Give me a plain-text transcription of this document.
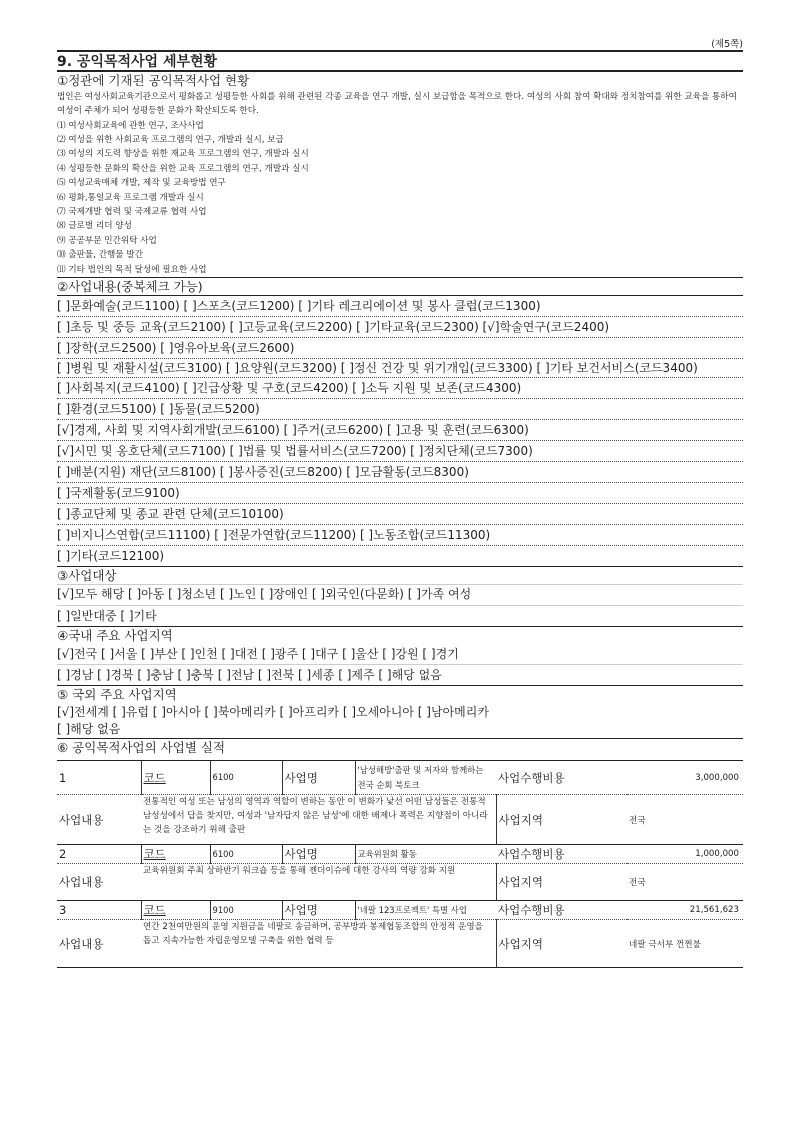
(제5쪽)
9. 공익목적사업 세부현황
①정관에 기재된 공익목적사업 현황
법인은 여성사회교육기관으로서 평화롭고 성평등한 사회를 위해 관련된 각종 교육을 연구 개발, 실시 보급함을 목적으로 한다. 여성의 사회 참여 확대와 정치참여를 위한 교육을 통하여 여성이 주체가 되어 성평등한 문화가 확산되도록 한다.
⑴ 여성사회교육에 관한 연구, 조사사업
⑵ 여성을 위한 사회교육 프로그램의 연구, 개발과 실시, 보급
⑶ 여성의 지도력 향상을 위한 재교육 프로그램의 연구, 개발과 실시
⑷ 성평등한 문화의 확산을 위한 교육 프로그램의 연구, 개발과 실시
⑸ 여성교육매체 개발, 제작 및 교육방법 연구
⑹ 평화,통일교육 프로그램 개발과 실시
⑺ 국제개발 협력 및 국제교류 협력 사업
⑻ 글로벌 리더 양성
⑼ 공공부문 민간위탁 사업
⑽ 출판물, 간행물 발간
⑾ 기타 법인의 목적 달성에 필요한 사업
②사업내용(중복체크 가능)
[ ]문화예술(코드1100) [ ]스포츠(코드1200) [ ]기타 레크리에이션 및 봉사 클럽(코드1300)
[ ]초등 및 중등 교육(코드2100) [ ]고등교육(코드2200) [ ]기타교육(코드2300) [√]학술연구(코드2400)
[ ]장학(코드2500) [ ]영유아보육(코드2600)
[ ]병원 및 재활시설(코드3100) [ ]요양원(코드3200) [ ]정신 건강 및 위기개입(코드3300) [ ]기타 보건서비스(코드3400)
[ ]사회복지(코드4100) [ ]긴급상황 및 구호(코드4200) [ ]소득 지원 및 보존(코드4300)
[ ]환경(코드5100) [ ]동물(코드5200)
[√]경제, 사회 및 지역사회개발(코드6100) [ ]주거(코드6200) [ ]고용 및 훈련(코드6300)
[√]시민 및 옹호단체(코드7100) [ ]법률 및 법률서비스(코드7200) [ ]정치단체(코드7300)
[ ]배분(지원) 재단(코드8100) [ ]봉사증진(코드8200) [ ]모금활동(코드8300)
[ ]국제활동(코드9100)
[ ]종교단체 및 종교 관련 단체(코드10100)
[ ]비지니스연합(코드11100) [ ]전문가연합(코드11200) [ ]노동조합(코드11300)
[ ]기타(코드12100)
③사업대상
[√]모두 해당 [ ]아동 [ ]청소년 [ ]노인 [ ]장애인 [ ]외국인(다문화) [ ]가족 여성
[ ]일반대중 [ ]기타
④국내 주요 사업지역
[√]전국 [ ]서울 [ ]부산 [ ]인천 [ ]대전 [ ]광주 [ ]대구 [ ]울산 [ ]강원 [ ]경기
[ ]경남 [ ]경북 [ ]충남 [ ]충북 [ ]전남 [ ]전북 [ ]세종 [ ]제주 [ ]해당 없음
⑤ 국외 주요 사업지역
[√]전세계 [ ]유럽 [ ]아시아 [ ]북아메리카 [ ]아프리카 [ ]오세아니아 [ ]남아메리카
[ ]해당 없음
⑥ 공익목적사업의 사업별 실적
1	코드	6100	사업명	'남성해방'출판 및 저자와 함께하는 전국 순회 북토크	사업수행비용	3,000,000
사업내용	전통적인 여성 또는 남성의 영역과 역할이 변하는 동안 이 변화가 낯선 어떤 남성들은 전통적 남성성에서 답을 찾지만, 여성과 '남자답지 않은 남성'에 대한 배제나 폭력은 지향점이 아니라는 것을 강조하기 위해 출판				사업지역	전국
2	코드	6100	사업명	교육위원회 활동	사업수행비용	1,000,000
사업내용	교육위원회 주최 상하반기 워크숍 등을 통해 젠더이슈에 대한 강사의 역량 강화 지원				사업지역	전국
3	코드	9100	사업명	'네팔 123프로젝트' 특별 사업	사업수행비용	21,561,623
사업내용	연간 2천여만원의 운영 지원금을 네팔로 송금하며, 공부방과 봉제협동조합의 안정적 운영을 돕고 지속가능한 자립운영모델 구축을 위한 협력 등				사업지역	네팔 극서부 껀쩐불
